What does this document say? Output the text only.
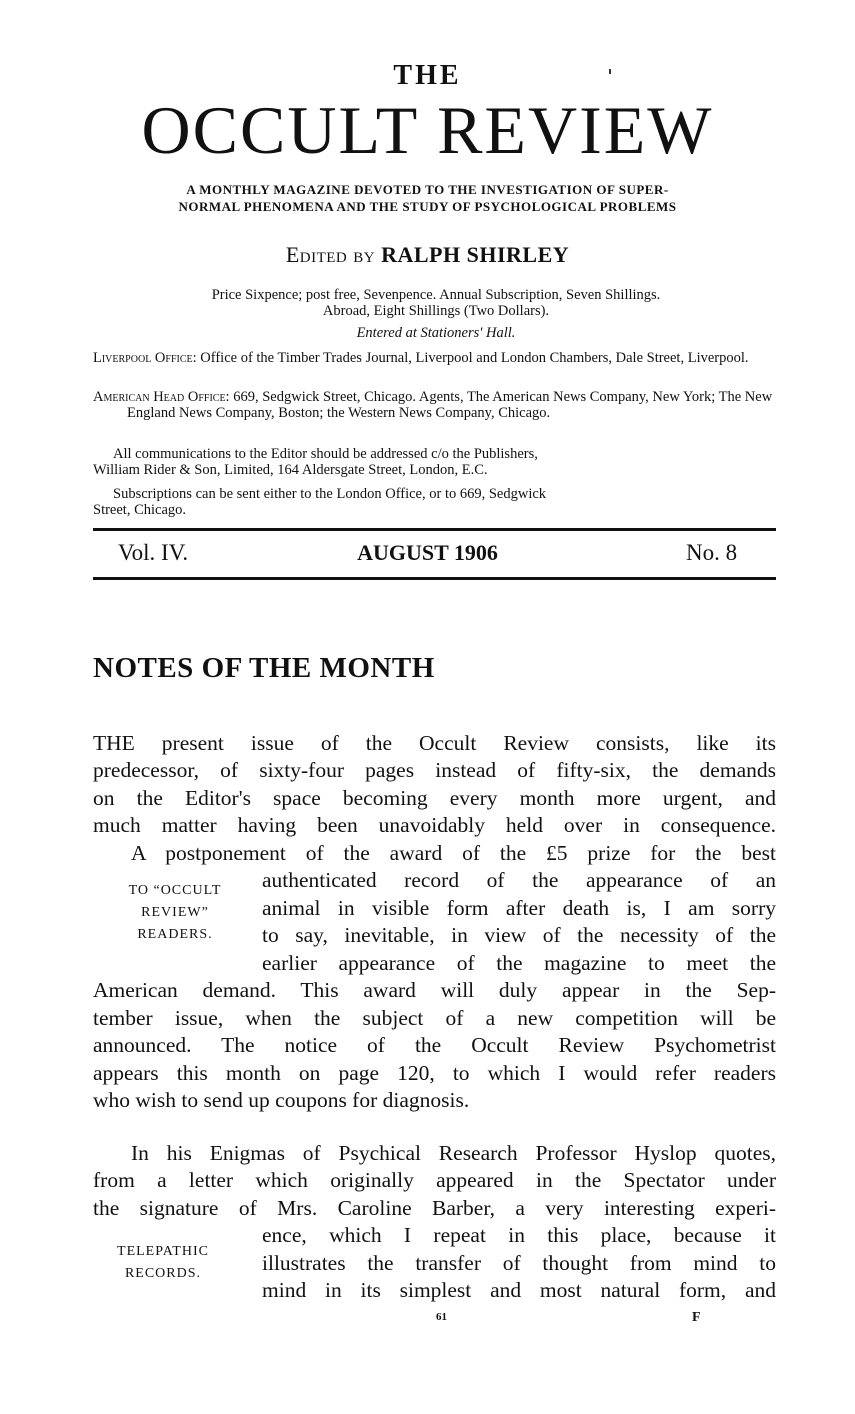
THE
OCCULT REVIEW
A MONTHLY MAGAZINE DEVOTED TO THE INVESTIGATION OF SUPER-
NORMAL PHENOMENA AND THE STUDY OF PSYCHOLOGICAL PROBLEMS
Edited by RALPH SHIRLEY
Price Sixpence; post free, Sevenpence. Annual Subscription, Seven Shillings.
Abroad, Eight Shillings (Two Dollars).
Entered at Stationers' Hall.
Liverpool Office: Office of the Timber Trades Journal, Liverpool and London Chambers, Dale Street, Liverpool.
American Head Office: 669, Sedgwick Street, Chicago. Agents, The American News Company, New York; The New England News Company, Boston; the Western News Company, Chicago.
All communications to the Editor should be addressed c/o the Publishers,
William Rider & Son, Limited, 164 Aldersgate Street, London, E.C.
Subscriptions can be sent either to the London Office, or to 669, Sedgwick
Street, Chicago.
Vol. IV.	AUGUST 1906	No. 8
NOTES OF THE MONTH
THE present issue of the Occult Review consists, like its
predecessor, of sixty-four pages instead of fifty-six, the demands
on the Editor's space becoming every month more urgent, and
much matter having been unavoidably held over in consequence.
A postponement of the award of the £5 prize for the best
authenticated record of the appearance of an
animal in visible form after death is, I am sorry
to say, inevitable, in view of the necessity of the
earlier appearance of the magazine to meet the
American demand. This award will duly appear in the Sep-
tember issue, when the subject of a new competition will be
announced. The notice of the Occult Review Psychometrist
appears this month on page 120, to which I would refer readers
who wish to send up coupons for diagnosis.
TO “OCCULT
REVIEW”
READERS.
In his Enigmas of Psychical Research Professor Hyslop quotes,
from a letter which originally appeared in the Spectator under
the signature of Mrs. Caroline Barber, a very interesting experi-
ence, which I repeat in this place, because it
illustrates the transfer of thought from mind to
mind in its simplest and most natural form, and
TELEPATHIC
RECORDS.
61	F
